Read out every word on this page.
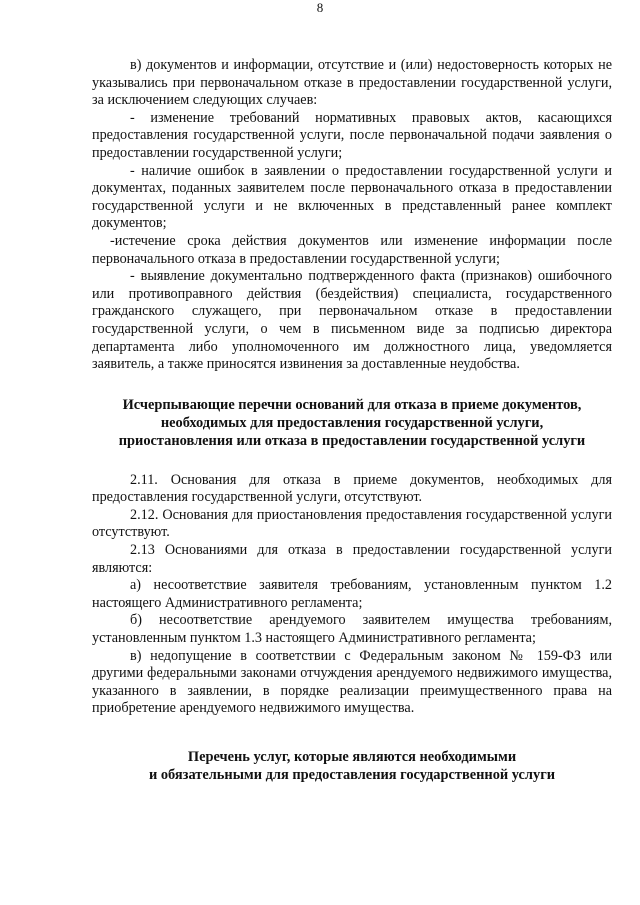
8

в) документов и информации, отсутствие и (или) недостоверность которых не указывались при первоначальном отказе в предоставлении государственной услуги, за исключением следующих случаев:

- изменение требований нормативных правовых актов, касающихся предоставления государственной услуги, после первоначальной подачи заявления о предоставлении государственной услуги;

- наличие ошибок в заявлении о предоставлении государственной услуги и документах, поданных заявителем после первоначального отказа в предоставлении государственной услуги и не включенных в представленный ранее комплект документов;

-истечение срока действия документов или изменение информации после первоначального отказа в предоставлении государственной услуги;

- выявление документально подтвержденного факта (признаков) ошибочного или противоправного действия (бездействия) специалиста, государственного гражданского служащего, при первоначальном отказе в предоставлении государственной услуги, о чем в письменном виде за подписью директора департамента либо уполномоченного им должностного лица, уведомляется заявитель, а также приносятся извинения за доставленные неудобства.

Исчерпывающие перечни оснований для отказа в приеме документов,

необходимых для предоставления государственной услуги,

приостановления или отказа в предоставлении государственной услуги

2.11. Основания для отказа в приеме документов, необходимых для предоставления государственной услуги, отсутствуют.

2.12. Основания для приостановления предоставления государственной услуги отсутствуют.

2.13 Основаниями для отказа в предоставлении государственной услуги являются:

а) несоответствие заявителя требованиям, установленным пунктом 1.2 настоящего Административного регламента;

б) несоответствие арендуемого заявителем имущества требованиям, установленным пунктом 1.3 настоящего Административного регламента;

в) недопущение в соответствии с Федеральным законом № 159-ФЗ или другими федеральными законами отчуждения арендуемого недвижимого имущества, указанного в заявлении, в порядке реализации преимущественного права на приобретение арендуемого недвижимого имущества.

Перечень услуг, которые являются необходимыми

и обязательными для предоставления государственной услуги
